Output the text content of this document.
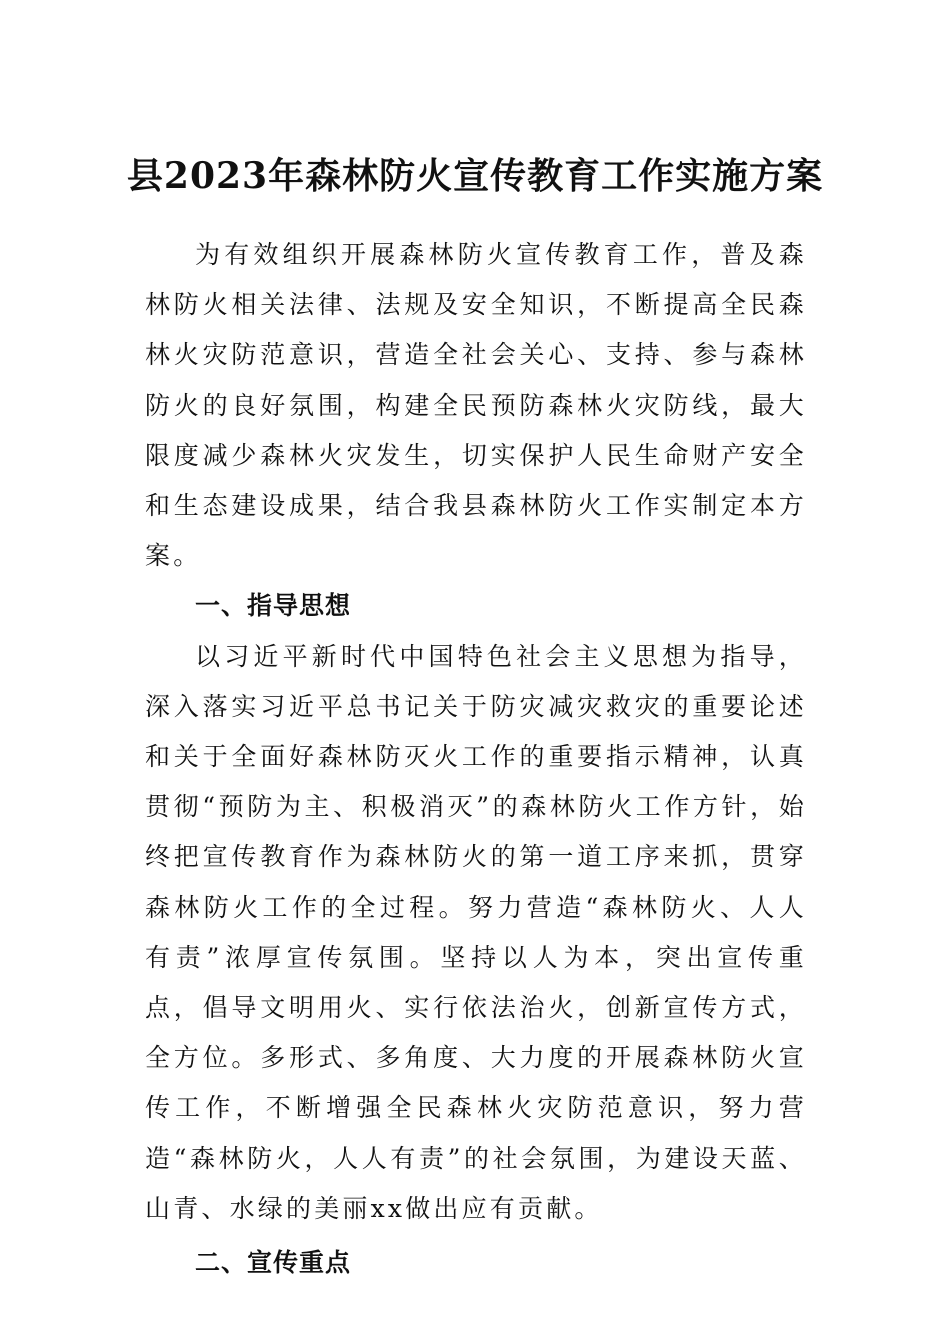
县2023年森林防火宣传教育工作实施方案

为有效组织开展森林防火宣传教育工作，普及森林防火相关法律、法规及安全知识，不断提高全民森林火灾防范意识，营造全社会关心、支持、参与森林防火的良好氛围，构建全民预防森林火灾防线，最大限度减少森林火灾发生，切实保护人民生命财产安全和生态建设成果，结合我县森林防火工作实制定本方案。

一、指导思想

以习近平新时代中国特色社会主义思想为指导，深入落实习近平总书记关于防灾减灾救灾的重要论述和关于全面好森林防灭火工作的重要指示精神，认真贯彻“预防为主、积极消灭”的森林防火工作方针，始终把宣传教育作为森林防火的第一道工序来抓，贯穿森林防火工作的全过程。努力营造“森林防火、人人有责”浓厚宣传氛围。坚持以人为本，突出宣传重点，倡导文明用火、实行依法治火，创新宣传方式，全方位。多形式、多角度、大力度的开展森林防火宣传工作，不断增强全民森林火灾防范意识，努力营造“森林防火，人人有责”的社会氛围，为建设天蓝、山青、水绿的美丽xx做出应有贡献。

二、宣传重点
